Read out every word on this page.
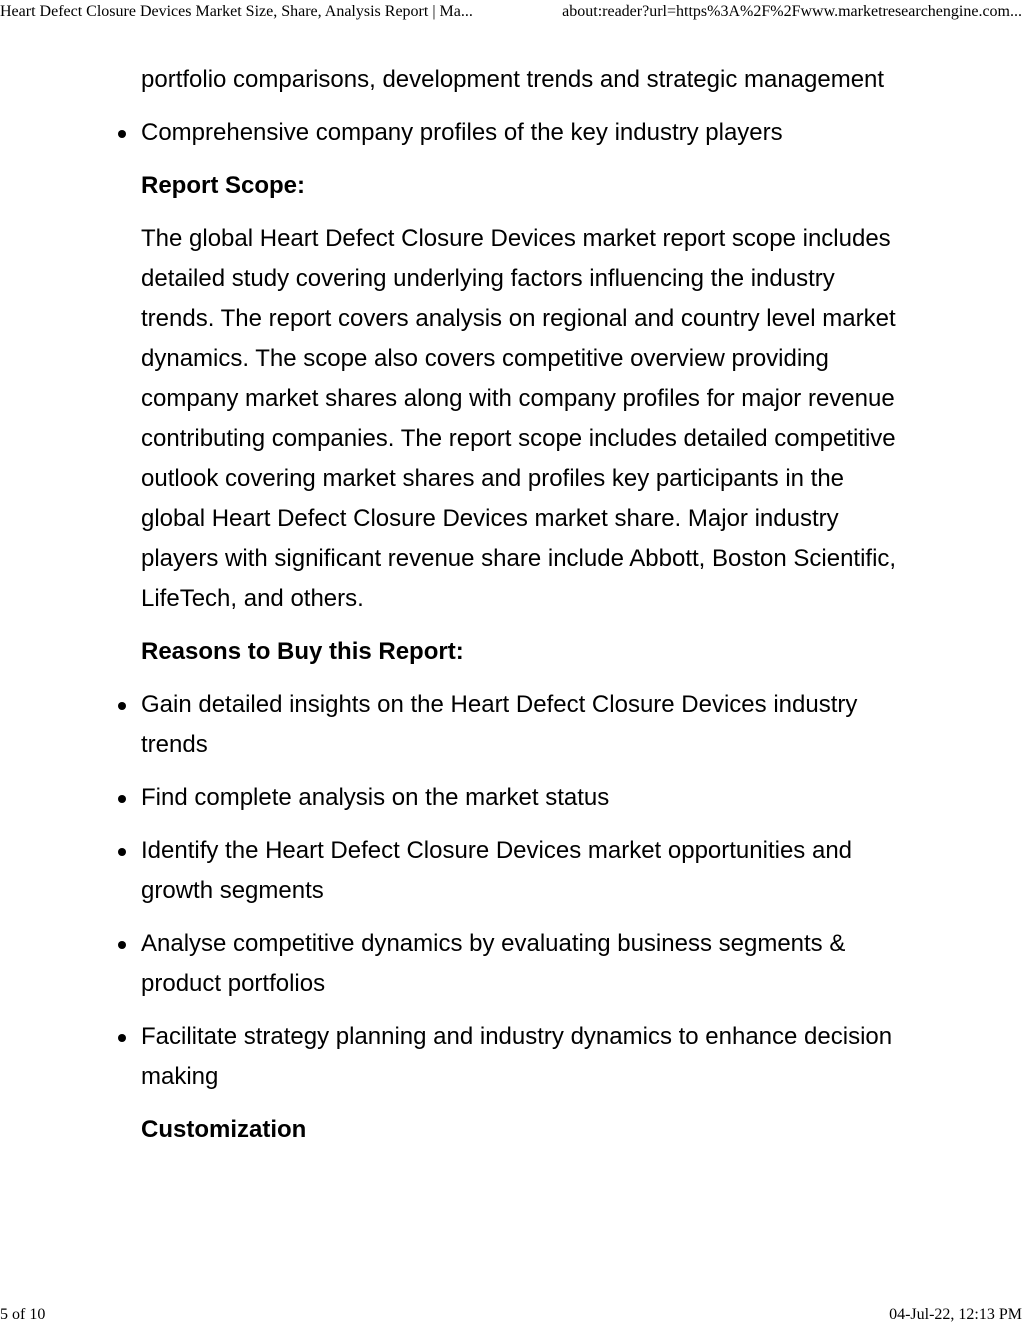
Heart Defect Closure Devices Market Size, Share, Analysis Report | Ma...	about:reader?url=https%3A%2F%2Fwww.marketresearchengine.com...

portfolio comparisons, development trends and strategic management

Comprehensive company profiles of the key industry players
Report Scope:

The global Heart Defect Closure Devices market report scope includes detailed study covering underlying factors influencing the industry trends. The report covers analysis on regional and country level market dynamics. The scope also covers competitive overview providing company market shares along with company profiles for major revenue contributing companies. The report scope includes detailed competitive outlook covering market shares and profiles key participants in the global Heart Defect Closure Devices market share. Major industry players with significant revenue share include Abbott, Boston Scientific, LifeTech, and others.

Reasons to Buy this Report:
Gain detailed insights on the Heart Defect Closure Devices industry trends
Find complete analysis on the market status
Identify the Heart Defect Closure Devices market opportunities and growth segments
Analyse competitive dynamics by evaluating business segments & product portfolios
Facilitate strategy planning and industry dynamics to enhance decision making
Customization
5 of 10	04-Jul-22, 12:13 PM
